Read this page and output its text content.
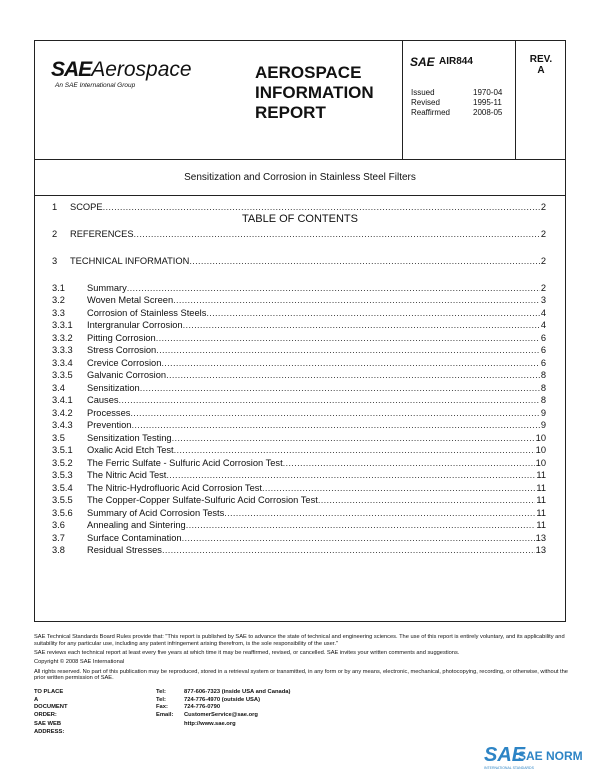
SAEAerospace
An SAE International Group
AEROSPACE
INFORMATION
REPORT
SAE AIR844
Issued	1970-04
Revised	1995-11
Reaffirmed	2008-05
REV.
A
Sensitization and Corrosion in Stainless Steel Filters
TABLE OF CONTENTS
1	SCOPE .....	2
2	REFERENCES .....	2
3	TECHNICAL INFORMATION .....	2
3.1	Summary .....	2
3.2	Woven Metal Screen .....	3
3.3	Corrosion of Stainless Steels .....	4
3.3.1	Intergranular Corrosion .....	4
3.3.2	Pitting Corrosion .....	6
3.3.3	Stress Corrosion .....	6
3.3.4	Crevice Corrosion .....	6
3.3.5	Galvanic Corrosion .....	8
3.4	Sensitization .....	8
3.4.1	Causes .....	8
3.4.2	Processes .....	9
3.4.3	Prevention .....	9
3.5	Sensitization Testing .....	10
3.5.1	Oxalic Acid Etch Test .....	10
3.5.2	The Ferric Sulfate - Sulfuric Acid Corrosion Test .....	10
3.5.3	The Nitric Acid Test .....	11
3.5.4	The Nitric-Hydrofluoric Acid Corrosion Test .....	11
3.5.5	The Copper-Copper Sulfate-Sulfuric Acid Corrosion Test .....	11
3.5.6	Summary of Acid Corrosion Tests .....	11
3.6	Annealing and Sintering .....	11
3.7	Surface Contamination .....	13
3.8	Residual Stresses .....	13

SAE Technical Standards Board Rules provide that: "This report is published by SAE to advance the state of technical and engineering sciences. The use of this report is entirely voluntary, and its applicability and suitability for any particular use, including any patent infringement arising therefrom, is the sole responsibility of the user."

SAE reviews each technical report at least every five years at which time it may be reaffirmed, revised, or cancelled. SAE invites your written comments and suggestions.

Copyright © 2008 SAE International

All rights reserved. No part of this publication may be reproduced, stored in a retrieval system or transmitted, in any form or by any means, electronic, mechanical, photocopying, recording, or otherwise, without the prior written permission of SAE.

TO PLACE A DOCUMENT ORDER:
Tel:	877-606-7323 (inside USA and Canada)
Tel:	724-776-4970 (outside USA)
Fax:	724-776-0790
Email: CustomerService@sae.org
SAE WEB ADDRESS:
http://www.sae.org
SAE
SAE NORM
INTERNATIONAL STANDARDS
